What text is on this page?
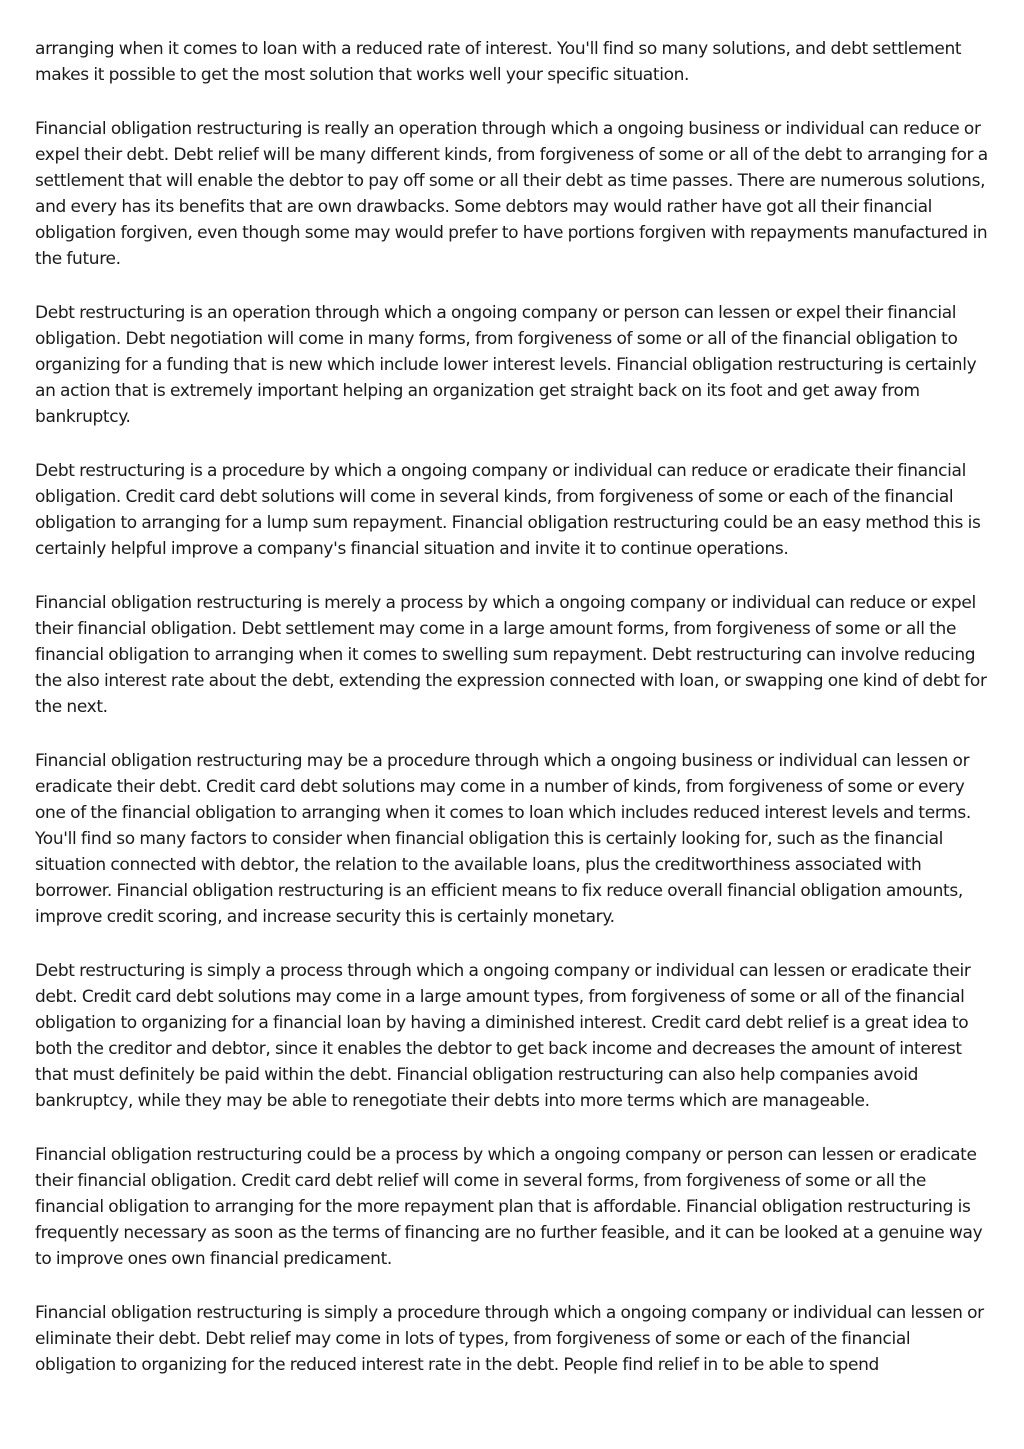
arranging when it comes to loan with a reduced rate of interest. You'll find so many solutions, and debt settlement makes it possible to get the most solution that works well your specific situation.

Financial obligation restructuring is really an operation through which a ongoing business or individual can reduce or expel their debt. Debt relief will be many different kinds, from forgiveness of some or all of the debt to arranging for a settlement that will enable the debtor to pay off some or all their debt as time passes. There are numerous solutions, and every has its benefits that are own drawbacks. Some debtors may would rather have got all their financial obligation forgiven, even though some may would prefer to have portions forgiven with repayments manufactured in the future.

Debt restructuring is an operation through which a ongoing company or person can lessen or expel their financial obligation. Debt negotiation will come in many forms, from forgiveness of some or all of the financial obligation to organizing for a funding that is new which include lower interest levels. Financial obligation restructuring is certainly an action that is extremely important helping an organization get straight back on its foot and get away from bankruptcy.

Debt restructuring is a procedure by which a ongoing company or individual can reduce or eradicate their financial obligation. Credit card debt solutions will come in several kinds, from forgiveness of some or each of the financial obligation to arranging for a lump sum repayment. Financial obligation restructuring could be an easy method this is certainly helpful improve a company's financial situation and invite it to continue operations.

Financial obligation restructuring is merely a process by which a ongoing company or individual can reduce or expel their financial obligation. Debt settlement may come in a large amount forms, from forgiveness of some or all the financial obligation to arranging when it comes to swelling sum repayment. Debt restructuring can involve reducing the also interest rate about the debt, extending the expression connected with loan, or swapping one kind of debt for the next.

Financial obligation restructuring may be a procedure through which a ongoing business or individual can lessen or eradicate their debt. Credit card debt solutions may come in a number of kinds, from forgiveness of some or every one of the financial obligation to arranging when it comes to loan which includes reduced interest levels and terms. You'll find so many factors to consider when financial obligation this is certainly looking for, such as the financial situation connected with debtor, the relation to the available loans, plus the creditworthiness associated with borrower. Financial obligation restructuring is an efficient means to fix reduce overall financial obligation amounts, improve credit scoring, and increase security this is certainly monetary.

Debt restructuring is simply a process through which a ongoing company or individual can lessen or eradicate their debt. Credit card debt solutions may come in a large amount types, from forgiveness of some or all of the financial obligation to organizing for a financial loan by having a diminished interest. Credit card debt relief is a great idea to both the creditor and debtor, since it enables the debtor to get back income and decreases the amount of interest that must definitely be paid within the debt. Financial obligation restructuring can also help companies avoid bankruptcy, while they may be able to renegotiate their debts into more terms which are manageable.

Financial obligation restructuring could be a process by which a ongoing company or person can lessen or eradicate their financial obligation. Credit card debt relief will come in several forms, from forgiveness of some or all the financial obligation to arranging for the more repayment plan that is affordable. Financial obligation restructuring is frequently necessary as soon as the terms of financing are no further feasible, and it can be looked at a genuine way to improve ones own financial predicament.

Financial obligation restructuring is simply a procedure through which a ongoing company or individual can lessen or eliminate their debt. Debt relief may come in lots of types, from forgiveness of some or each of the financial obligation to organizing for the reduced interest rate in the debt. People find relief in to be able to spend
